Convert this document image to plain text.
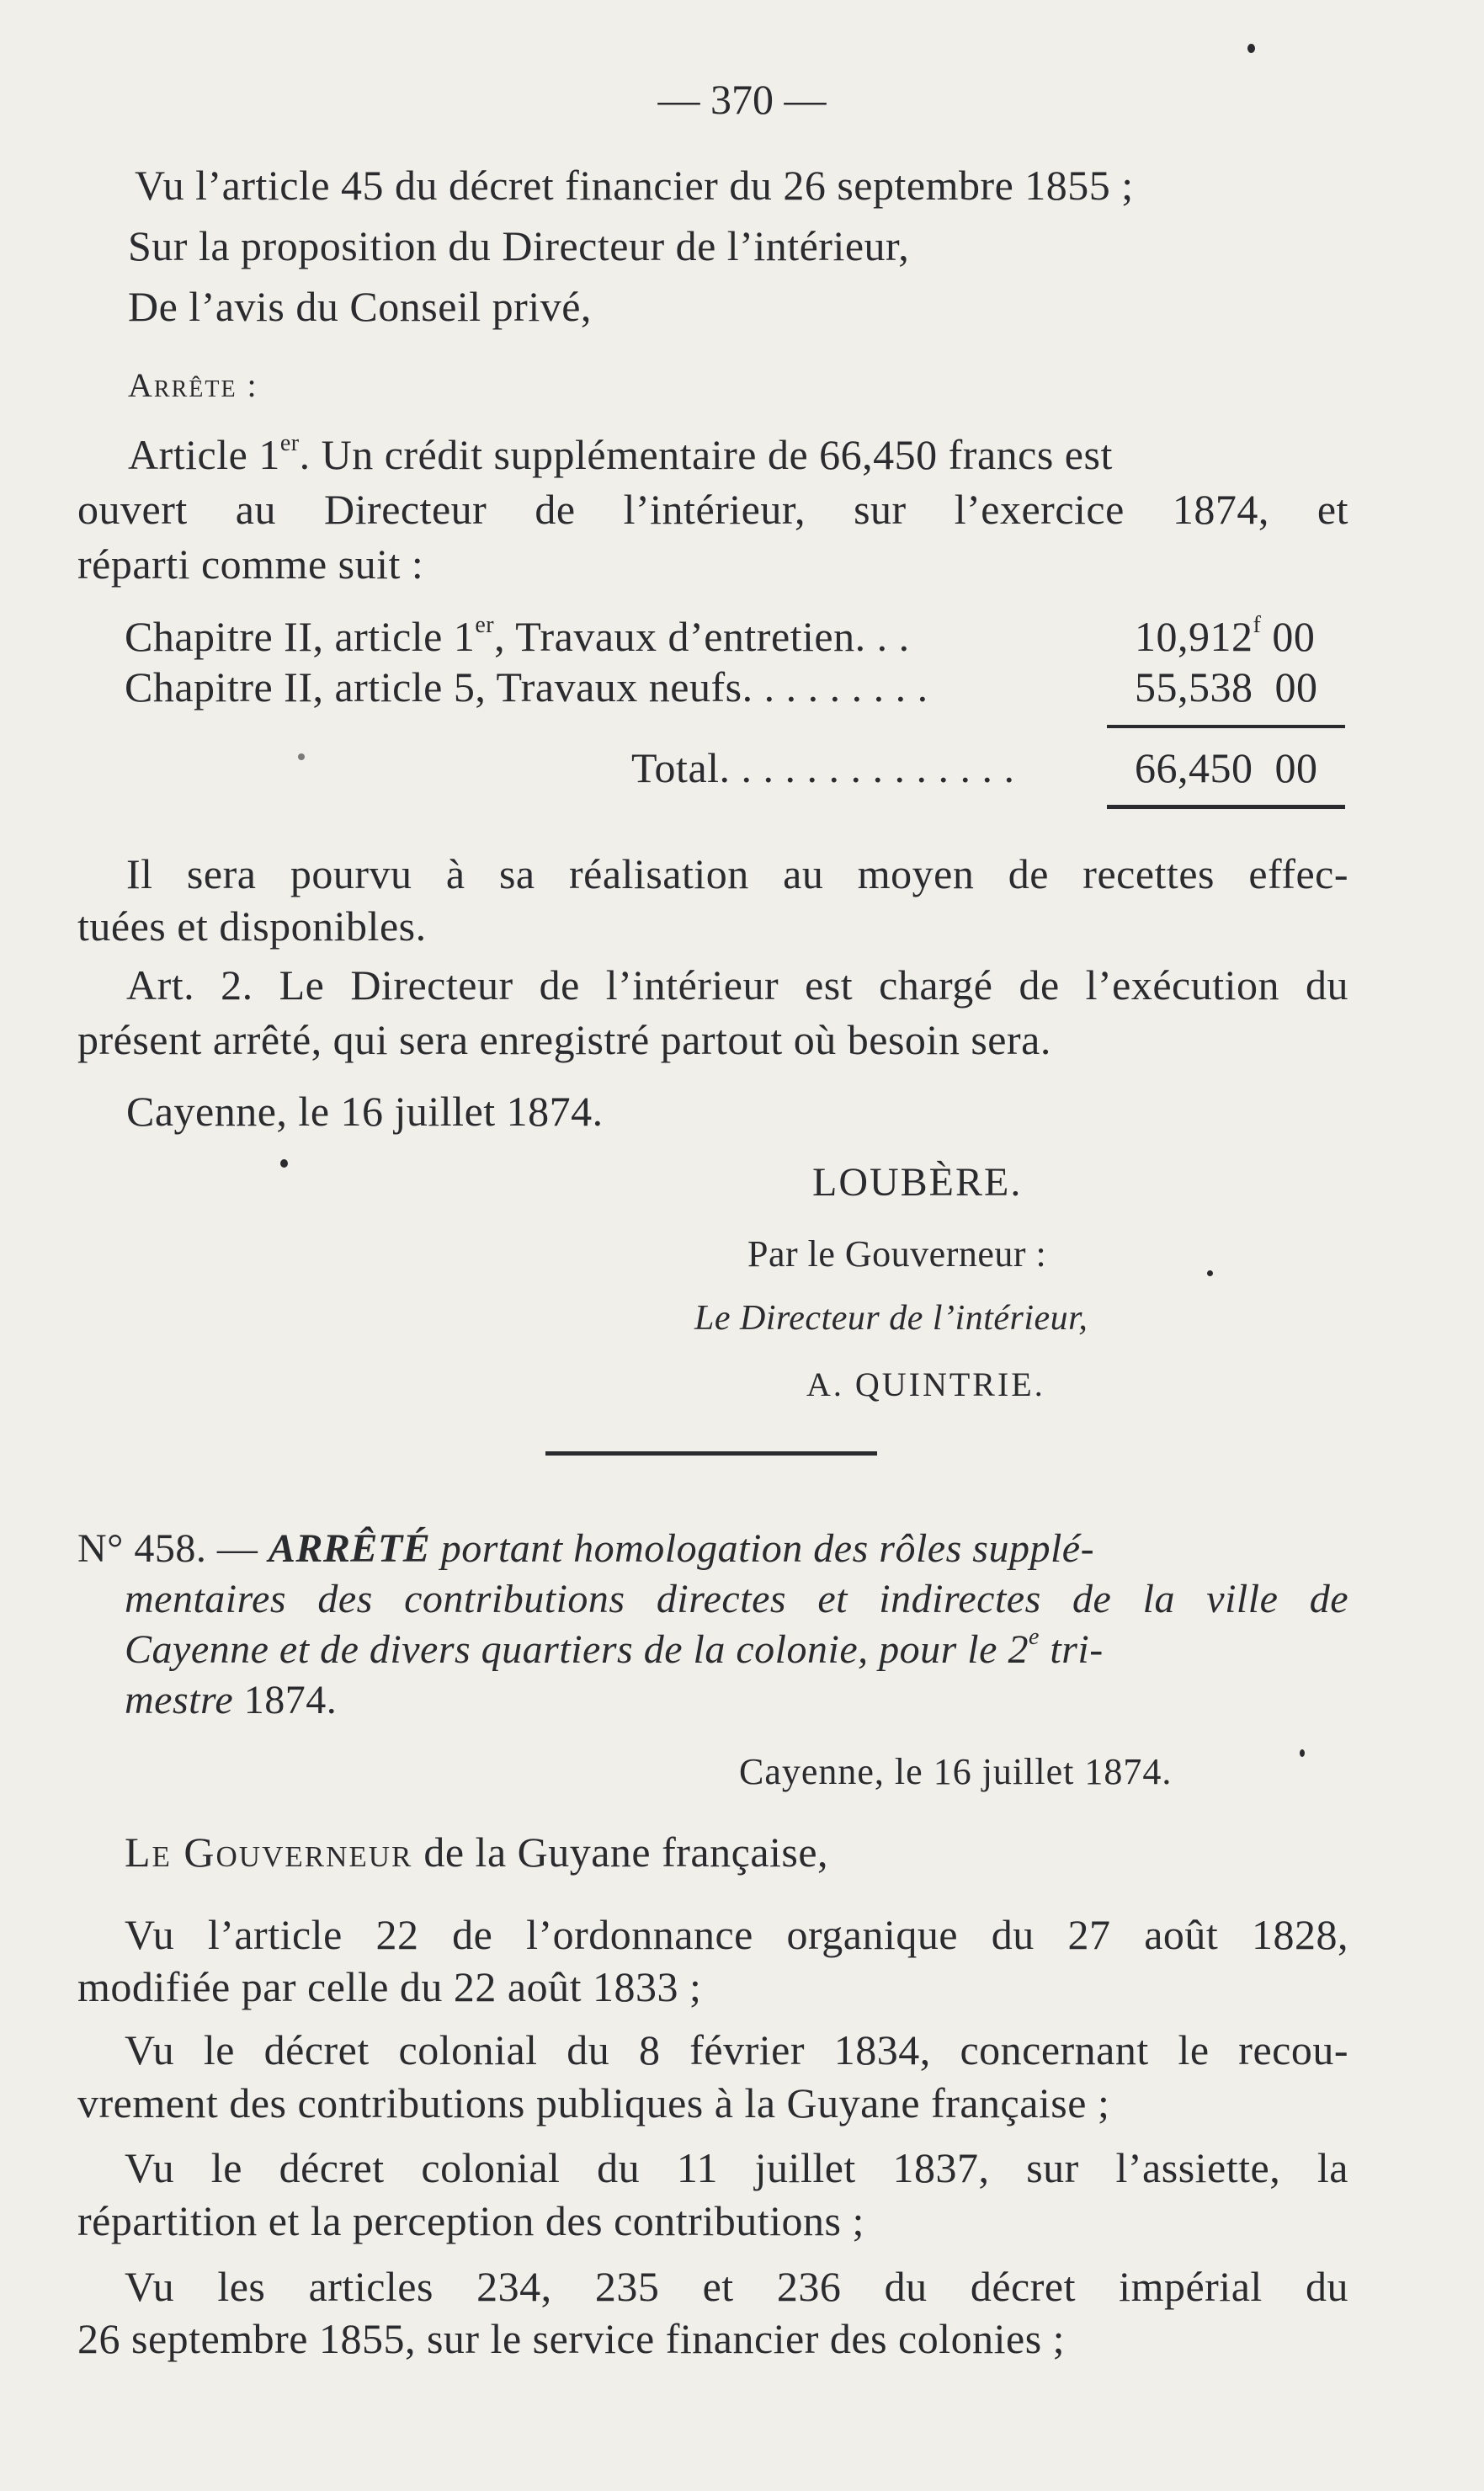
— 370 —
Vu l’article 45 du décret financier du 26 septembre 1855 ;
Sur la proposition du Directeur de l’intérieur,
De l’avis du Conseil privé,
Arrête :
Article 1er. Un crédit supplémentaire de 66,450 francs est
ouvert au Directeur de l’intérieur, sur l’exercice 1874, et
réparti comme suit :
Chapitre II, article 1er, Travaux d’entretien. . .	10,912$^f$ 00
Chapitre II, article 5, Travaux neufs. . . . . . . . .	55,538  00
Total. . . . . . . . . . . . . .	66,450  00
Il sera pourvu à sa réalisation au moyen de recettes effec-
tuées et disponibles.
Art. 2. Le Directeur de l’intérieur est chargé de l’exécution du
présent arrêté, qui sera enregistré partout où besoin sera.
Cayenne, le 16 juillet 1874.
LOUBÈRE.
Par le Gouverneur :
Le Directeur de l’intérieur,
A. QUINTRIE.
N° 458. — ARRÊTÉ portant homologation des rôles supplé-
mentaires des contributions directes et indirectes de la ville de
Cayenne et de divers quartiers de la colonie, pour le 2e tri-
mestre 1874.
Cayenne, le 16 juillet 1874.
Le Gouverneur de la Guyane française,
Vu l’article 22 de l’ordonnance organique du 27 août 1828,
modifiée par celle du 22 août 1833 ;
Vu le décret colonial du 8 février 1834, concernant le recou-
vrement des contributions publiques à la Guyane française ;
Vu le décret colonial du 11 juillet 1837, sur l’assiette, la
répartition et la perception des contributions ;
Vu les articles 234, 235 et 236 du décret impérial du
26 septembre 1855, sur le service financier des colonies ;
